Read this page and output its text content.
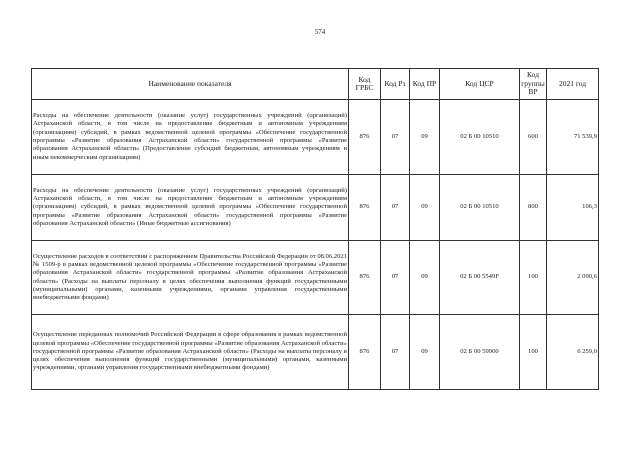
574
Наименование показателя	Код ГРБС	Код Рз	Код ПР	Код ЦСР	Код группы ВР	2021 год
Расходы на обеспечение деятельности (оказание услуг) государственных учреждений (организаций) Астраханской области, в том числе на предоставление бюджетным и автономным учреждениям (организациям) субсидий, в рамках ведомственной целевой программы «Обеспечение государственной программы «Развитие образования Астраханской области» государственной программы «Развитие образования Астраханской области» (Предоставление субсидий бюджетным, автономным учреждениям и иным некоммерческим организациям)	876	07	09	02 Б 00 10510	600	71 539,9
Расходы на обеспечение деятельности (оказание услуг) государственных учреждений (организаций) Астраханской области, в том числе на предоставление бюджетным и автономным учреждениям (организациям) субсидий, в рамках ведомственной целевой программы «Обеспечение государственной программы «Развитие образования Астраханской области» государственной программы «Развитие образования Астраханской области» (Иные бюджетные ассигнования)	876	07	09	02 Б 00 10510	800	106,3
Осуществление расходов в соответствии с распоряжением Правительства Российской Федерации от 08.06.2021 № 1509-р в рамках ведомственной целевой программы «Обеспечение государственной программы «Развитие образования Астраханской области» государственной программы «Развитие образования Астраханской области» (Расходы на выплаты персоналу в целях обеспечения выполнения функций государственными (муниципальными) органами, казенными учреждениями, органами управления государственными внебюджетными фондами)	876	07	09	02 Б 00 5549F	100	2 090,6
Осуществление переданных полномочий Российской Федерации в сфере образования в рамках ведомственной целевой программы «Обеспечение государственной программы «Развитие образования Астраханской области» государственной программы «Развитие образования Астраханской области» (Расходы на выплаты персоналу в целях обеспечения выполнения функций государственными (муниципальными) органами, казенными учреждениями, органами управления государственными внебюджетными фондами)	876	07	09	02 Б 00 59900	100	6 259,0
